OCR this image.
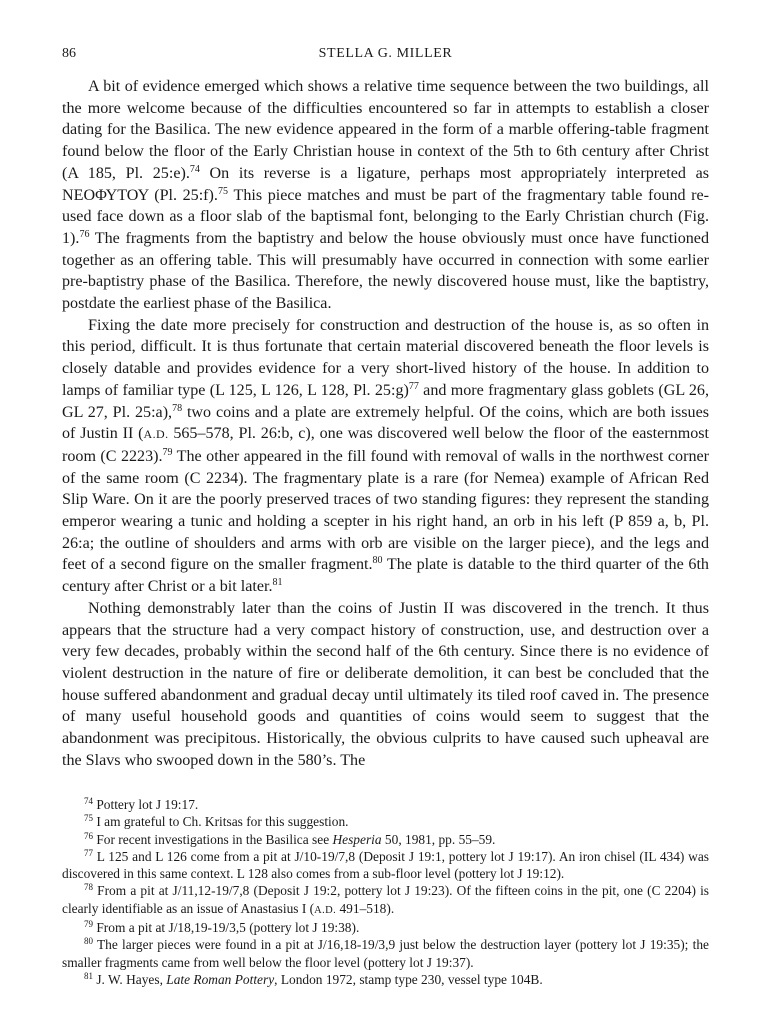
86	STELLA G. MILLER

A bit of evidence emerged which shows a relative time sequence between the two buildings, all the more welcome because of the difficulties encountered so far in attempts to establish a closer dating for the Basilica. The new evidence appeared in the form of a marble offering-table fragment found below the floor of the Early Christian house in context of the 5th to 6th century after Christ (A 185, Pl. 25:e).$^{74}$ On its reverse is a ligature, perhaps most appropriately interpreted as ΝΕΟΦΥΤΟΥ (Pl. 25:f).$^{75}$ This piece matches and must be part of the fragmentary table found re-used face down as a floor slab of the baptismal font, belonging to the Early Christian church (Fig. 1).$^{76}$ The fragments from the baptistry and below the house obviously must once have functioned together as an offering table. This will presumably have occurred in connection with some earlier pre-baptistry phase of the Basilica. Therefore, the newly discovered house must, like the baptistry, postdate the earliest phase of the Basilica.

Fixing the date more precisely for construction and destruction of the house is, as so often in this period, difficult. It is thus fortunate that certain material discovered beneath the floor levels is closely datable and provides evidence for a very short-lived history of the house. In addition to lamps of familiar type (L 125, L 126, L 128, Pl. 25:g)$^{77}$ and more fragmentary glass goblets (GL 26, GL 27, Pl. 25:a),$^{78}$ two coins and a plate are extremely helpful. Of the coins, which are both issues of Justin II (A.D. 565–578, Pl. 26:b, c), one was discovered well below the floor of the easternmost room (C 2223).$^{79}$ The other appeared in the fill found with removal of walls in the northwest corner of the same room (C 2234). The fragmentary plate is a rare (for Nemea) example of African Red Slip Ware. On it are the poorly preserved traces of two standing figures: they represent the standing emperor wearing a tunic and holding a scepter in his right hand, an orb in his left (P 859 a, b, Pl. 26:a; the outline of shoulders and arms with orb are visible on the larger piece), and the legs and feet of a second figure on the smaller fragment.$^{80}$ The plate is datable to the third quarter of the 6th century after Christ or a bit later.$^{81}$

Nothing demonstrably later than the coins of Justin II was discovered in the trench. It thus appears that the structure had a very compact history of construction, use, and destruction over a very few decades, probably within the second half of the 6th century. Since there is no evidence of violent destruction in the nature of fire or deliberate demolition, it can best be concluded that the house suffered abandonment and gradual decay until ultimately its tiled roof caved in. The presence of many useful household goods and quantities of coins would seem to suggest that the abandonment was precipitous. Historically, the obvious culprits to have caused such upheaval are the Slavs who swooped down in the 580’s. The

$^{74}$ Pottery lot J 19:17.

$^{75}$ I am grateful to Ch. Kritsas for this suggestion.

$^{76}$ For recent investigations in the Basilica see Hesperia 50, 1981, pp. 55–59.

$^{77}$ L 125 and L 126 come from a pit at J/10-19/7,8 (Deposit J 19:1, pottery lot J 19:17). An iron chisel (IL 434) was discovered in this same context. L 128 also comes from a sub-floor level (pottery lot J 19:12).

$^{78}$ From a pit at J/11,12-19/7,8 (Deposit J 19:2, pottery lot J 19:23). Of the fifteen coins in the pit, one (C 2204) is clearly identifiable as an issue of Anastasius I (A.D. 491–518).

$^{79}$ From a pit at J/18,19-19/3,5 (pottery lot J 19:38).

$^{80}$ The larger pieces were found in a pit at J/16,18-19/3,9 just below the destruction layer (pottery lot J 19:35); the smaller fragments came from well below the floor level (pottery lot J 19:37).

$^{81}$ J. W. Hayes, Late Roman Pottery, London 1972, stamp type 230, vessel type 104B.
